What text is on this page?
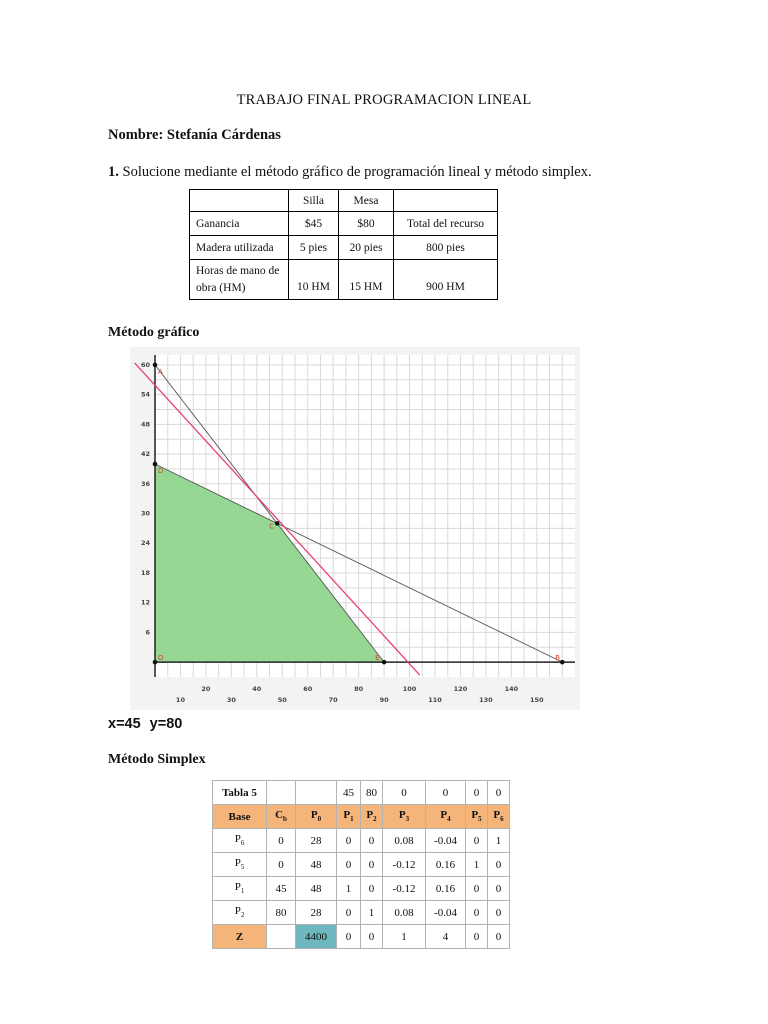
TRABAJO FINAL PROGRAMACION LINEAL
Nombre: Stefanía Cárdenas
1. Solucione mediante el método gráfico de programación lineal y método simplex.
	Silla	Mesa	
Ganancia	$45	$80	Total del recurso
Madera utilizada	5 pies	20 pies	800 pies
Horas de mano de obra (HM)	10 HM	15 HM	900 HM
Método gráfico
10
20
30
40
50
60
70
80
90
100
110
120
130
140
150
6
12
18
24
30
36
42
48
54
60
A
B
C
D
E
O
x=45 y=80
Método Simplex
Tabla 5			45	80	0	0	0	0
Base	$C_b$	$P_0$	$P_1$	$P_2$	$P_3$	$P_4$	$P_5$	$P_6$
$P_6$	0	28	0	0	0.08	-0.04	0	1
$P_5$	0	48	0	0	-0.12	0.16	1	0
$P_1$	45	48	1	0	-0.12	0.16	0	0
$P_2$	80	28	0	1	0.08	-0.04	0	0
Z		4400	0	0	1	4	0	0
